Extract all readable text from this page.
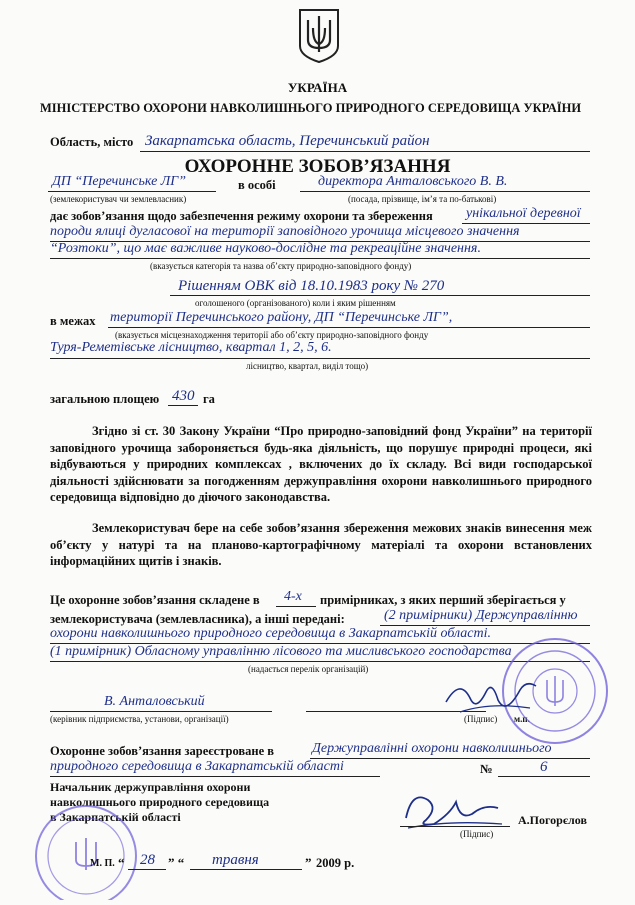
УКРАЇНА
МІНІСТЕРСТВО ОХОРОНИ НАВКОЛИШНЬОГО ПРИРОДНОГО СЕРЕДОВИЩА УКРАЇНИ
Область, місто Закарпатська область, Перечинський район
ОХОРОННЕ ЗОБОВ’ЯЗАННЯ
ДП “Перечинське ЛГ”	в особі	директора Анталовського В. В.
(землекористувач чи землевласник)	(посада, прізвище, ім’я та по-батькові)
дає зобов’язання щодо забезпечення режиму охорони та збереження унікальної деревної
породи ялиці дугласової на території заповідного урочища місцевого значення
“Розтоки”, що має важливе науково-дослідне та рекреаційне значення.
(вказується категорія та назва об’єкту природно-заповідного фонду)
Рішенням ОВК від 18.10.1983 року № 270
оголошеного (організованого) коли і яким рішенням
в межах території Перечинського району, ДП “Перечинське ЛГ”,
(вказується місцезнаходження території або об’єкту природно-заповідного фонду
Туря-Реметівське лісництво, квартал 1, 2, 5, 6.
лісництво, квартал, виділ тощо)
загальною площею 430 га
Згідно зі ст. 30 Закону України “Про природно-заповідний фонд України” на території заповідного урочища забороняється будь-яка діяльність, що порушує природні процеси, які відбуваються у природних комплексах , включених до їх складу. Всі види господарської діяльності здійснювати за погодженням держуправління охорони навколишнього природного середовища відповідно до діючого законодавства.
Землекористувач бере на себе зобов’язання збереження межових знаків винесення меж об’єкту у натурі та на планово-картографічному матеріалі та охорони встановлених інформаційних щитів і знаків.
Це охоронне зобов’язання складене в 4-х примірниках, з яких перший зберігається у
землекористувача (землевласника), а інші передані:	(2 примірники) Держуправлінню
охорони навколишнього природного середовища в Закарпатській області.
(1 примірник) Обласному управлінню лісового та мисливського господарства
(надається перелік організацій)
В. Анталовський
(керівник підприємства, установи, організації)	(Підпис) м.п.
Охоронне зобов’язання зареєстроване в	Держуправлінні охорони навколишнього
природного середовища в Закарпатській області	№	6
Начальник держуправління охорони
навколишнього природного середовища
в Закарпатській області	А.Погорєлов
(Підпис)
М. П. “ 28 ” “ травня	” 2009 р.
